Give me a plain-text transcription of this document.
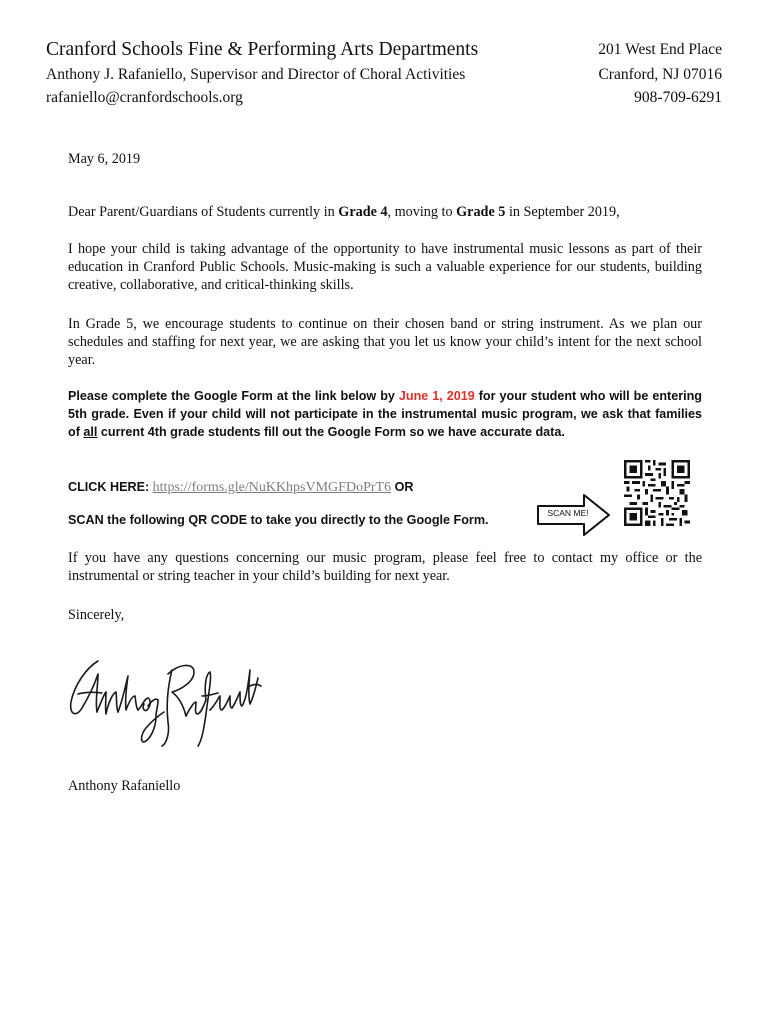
Cranford Schools Fine & Performing Arts Departments
Anthony J. Rafaniello, Supervisor and Director of Choral Activities
rafaniello@cranfordschools.org
201 West End Place
Cranford, NJ 07016
908-709-6291
May 6, 2019
Dear Parent/Guardians of Students currently in Grade 4, moving to Grade 5 in September 2019,
I hope your child is taking advantage of the opportunity to have instrumental music lessons as part of their education in Cranford Public Schools. Music-making is such a valuable experience for our students, building creative, collaborative, and critical-thinking skills.
In Grade 5, we encourage students to continue on their chosen band or string instrument. As we plan our schedules and staffing for next year, we are asking that you let us know your child’s intent for the next school year.
Please complete the Google Form at the link below by June 1, 2019 for your student who will be entering 5th grade. Even if your child will not participate in the instrumental music program, we ask that families of all current 4th grade students fill out the Google Form so we have accurate data.
CLICK HERE: https://forms.gle/NuKKhpsVMGFDoPrT6 OR
SCAN the following QR CODE to take you directly to the Google Form.	SCAN ME!
If you have any questions concerning our music program, please feel free to contact my office or the instrumental or string teacher in your child’s building for next year.
Sincerely,
Anthony Rafaniello
Anthony Rafaniello
